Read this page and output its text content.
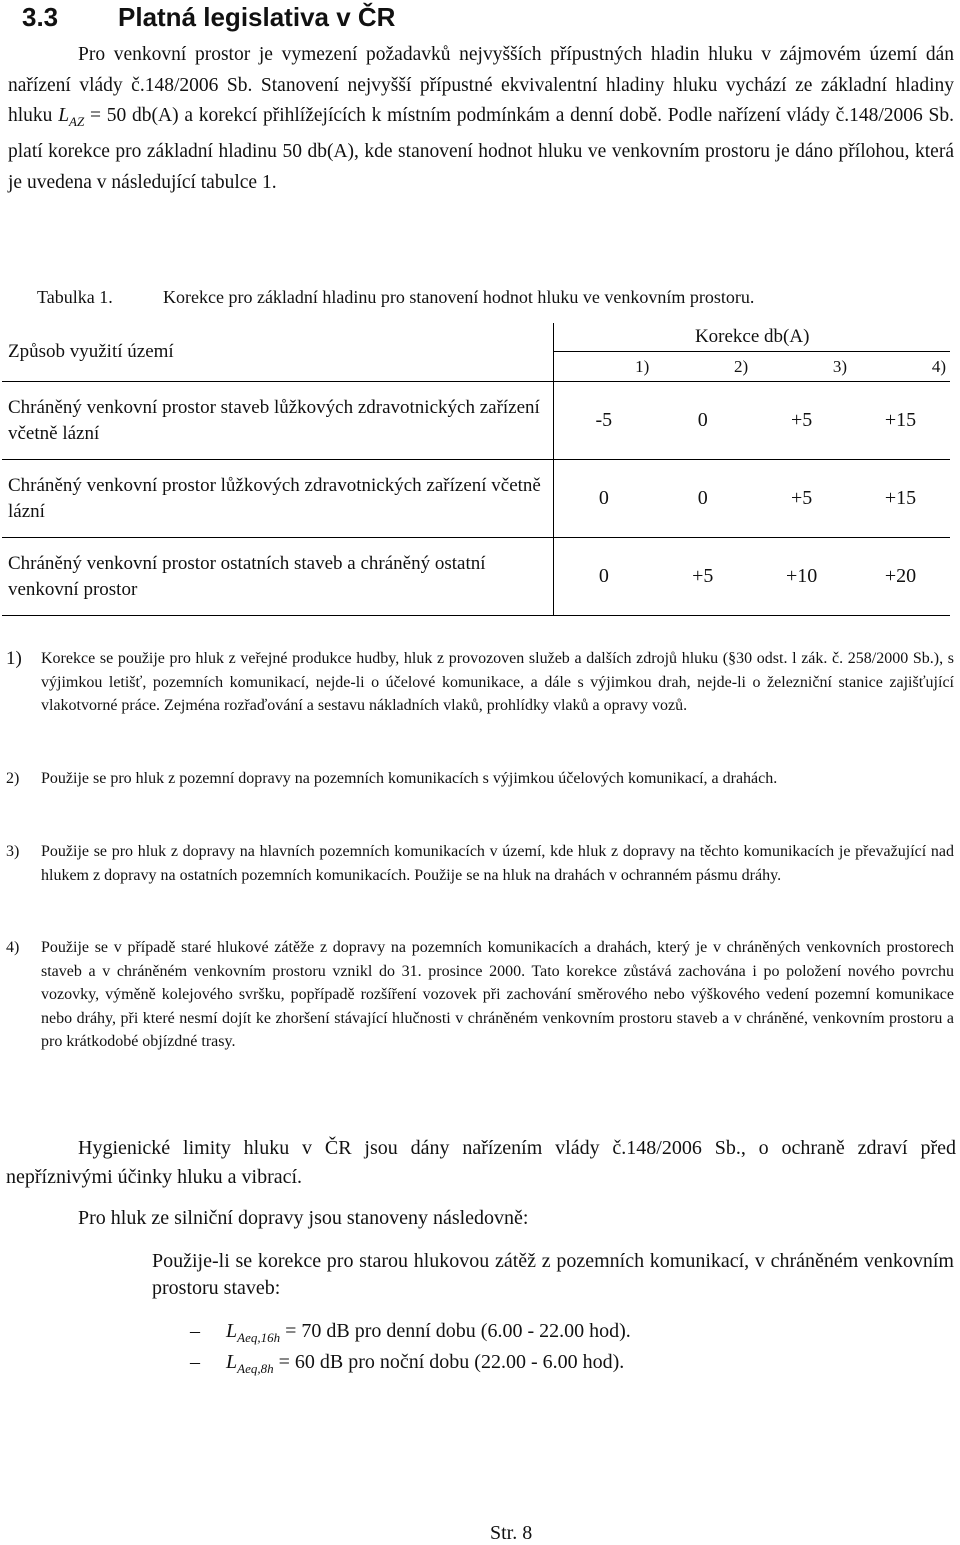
3.3 Platná legislativa v ČR

Pro venkovní prostor je vymezení požadavků nejvyšších přípustných hladin hluku v zájmovém území dán nařízení vlády č.148/2006 Sb. Stanovení nejvyšší přípustné ekvivalentní hladiny hluku vychází ze základní hladiny hluku $L_{AZ} = 50$ db(A) a korekcí přihlížejících k místním podmínkám a denní době. Podle nařízení vlády č.148/2006 Sb. platí korekce pro základní hladinu 50 db(A), kde stanovení hodnot hluku ve venkovním prostoru je dáno přílohou, která je uvedena v následující tabulce 1.

Tabulka 1.	Korekce pro základní hladinu pro stanovení hodnot hluku ve venkovním prostoru.
Způsob využití území	Korekce db(A)			
	1)	2)	3)	4)
Chráněný venkovní prostor staveb lůžkových zdravotnických zařízení včetně lázní	-5	0	+5	+15
Chráněný venkovní prostor lůžkových zdravotnických zařízení včetně lázní	0	0	+5	+15
Chráněný venkovní prostor ostatních staveb a chráněný ostatní venkovní prostor	0	+5	+10	+20
1) Korekce se použije pro hluk z veřejné produkce hudby, hluk z provozoven služeb a dalších zdrojů hluku (§30 odst. l zák. č. 258/2000 Sb.), s výjimkou letišť, pozemních komunikací, nejde-li o účelové komunikace, a dále s výjimkou drah, nejde-li o železniční stanice zajišťující vlakotvorné práce. Zejména rozřaďování a sestavu nákladních vlaků, prohlídky vlaků a opravy vozů.
2) Použije se pro hluk z pozemní dopravy na pozemních komunikacích s výjimkou účelových komunikací, a drahách.
3) Použije se pro hluk z dopravy na hlavních pozemních komunikacích v území, kde hluk z dopravy na těchto komunikacích je převažující nad hlukem z dopravy na ostatních pozemních komunikacích. Použije se na hluk na drahách v ochranném pásmu dráhy.
4) Použije se v případě staré hlukové zátěže z dopravy na pozemních komunikacích a drahách, který je v chráněných venkovních prostorech staveb a v chráněném venkovním prostoru vznikl do 31. prosince 2000. Tato korekce zůstává zachována i po položení nového povrchu vozovky, výměně kolejového svršku, popřípadě rozšíření vozovek při zachování směrového nebo výškového vedení pozemní komunikace nebo dráhy, při které nesmí dojít ke zhoršení stávající hlučnosti v chráněném venkovním prostoru staveb a v chráněné, venkovním prostoru a pro krátkodobé objízdné trasy.

Hygienické limity hluku v ČR jsou dány nařízením vlády č.148/2006 Sb., o ochraně zdraví před nepříznivými účinky hluku a vibrací.

Pro hluk ze silniční dopravy jsou stanoveny následovně:

Použije-li se korekce pro starou hlukovou zátěž z pozemních komunikací, v chráněném venkovním prostoru staveb:

– $L_{Aeq,16h} = 70$ dB pro denní dobu (6.00 - 22.00 hod).
– $L_{Aeq,8h} = 60$ dB pro noční dobu (22.00 - 6.00 hod).
Str. 8
